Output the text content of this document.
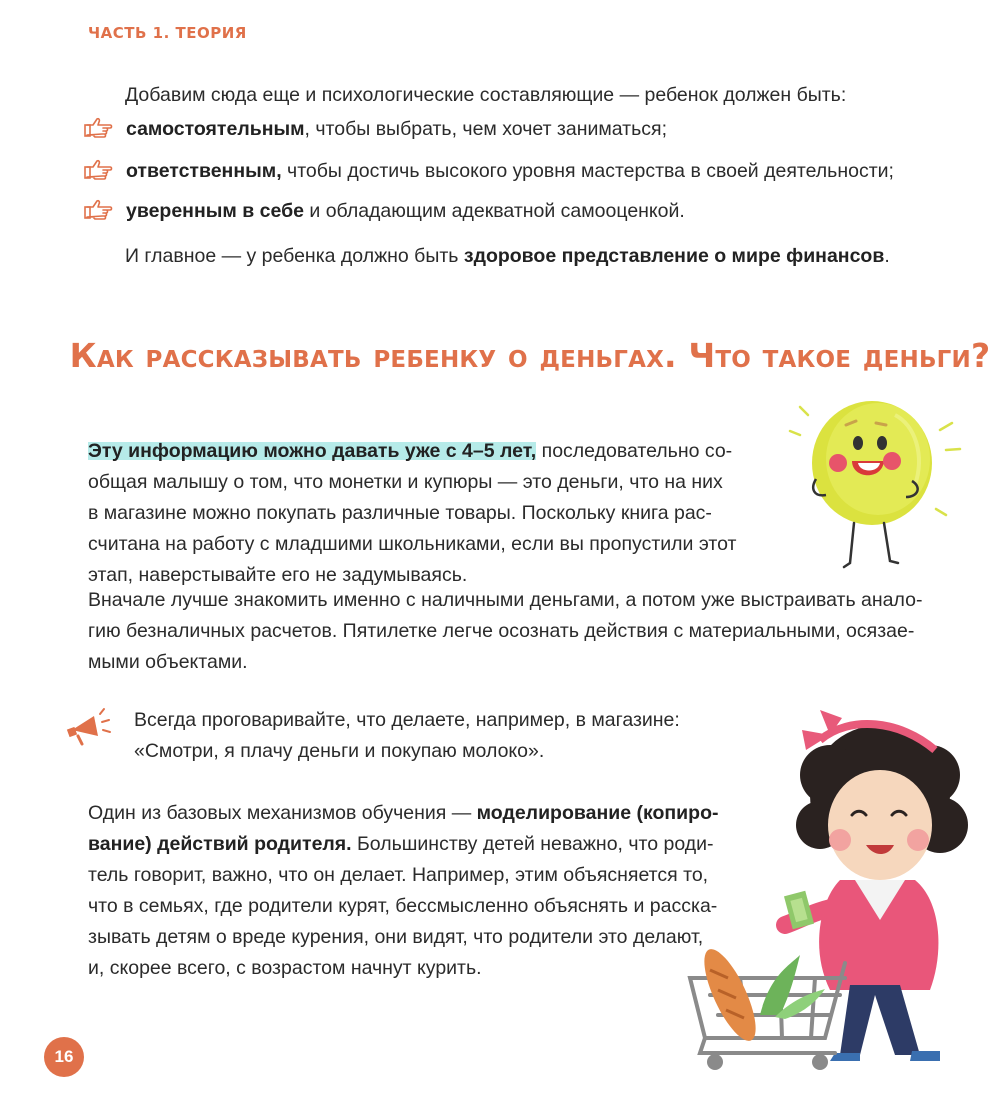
ЧАСТЬ 1. ТЕОРИЯ
Добавим сюда еще и психологические составляющие — ребенок должен быть:
самостоятельным, чтобы выбрать, чем хочет заниматься;
ответственным, чтобы достичь высокого уровня мастерства в своей деятельности;
уверенным в себе и обладающим адекватной самооценкой.
И главное — у ребенка должно быть здоровое представление о мире финансов.
Как рассказывать ребенку о деньгах. Что такое деньги?
Эту информацию можно давать уже с 4–5 лет, последовательно со-
общая малышу о том, что монетки и купюры — это деньги, что на них
в магазине можно покупать различные товары. Поскольку книга рас-
считана на работу с младшими школьниками, если вы пропустили этот
этап, наверстывайте его не задумываясь.
Вначале лучше знакомить именно с наличными деньгами, а потом уже выстраивать анало-
гию безналичных расчетов. Пятилетке легче осознать действия с материальными, осязае-
мыми объектами.
Всегда проговаривайте, что делаете, например, в магазине:
«Смотри, я плачу деньги и покупаю молоко».
Один из базовых механизмов обучения — моделирование (копиро-
вание) действий родителя. Большинству детей неважно, что роди-
тель говорит, важно, что он делает. Например, этим объясняется то,
что в семьях, где родители курят, бессмысленно объяснять и расска-
зывать детям о вреде курения, они видят, что родители это делают,
и, скорее всего, с возрастом начнут курить.
16
